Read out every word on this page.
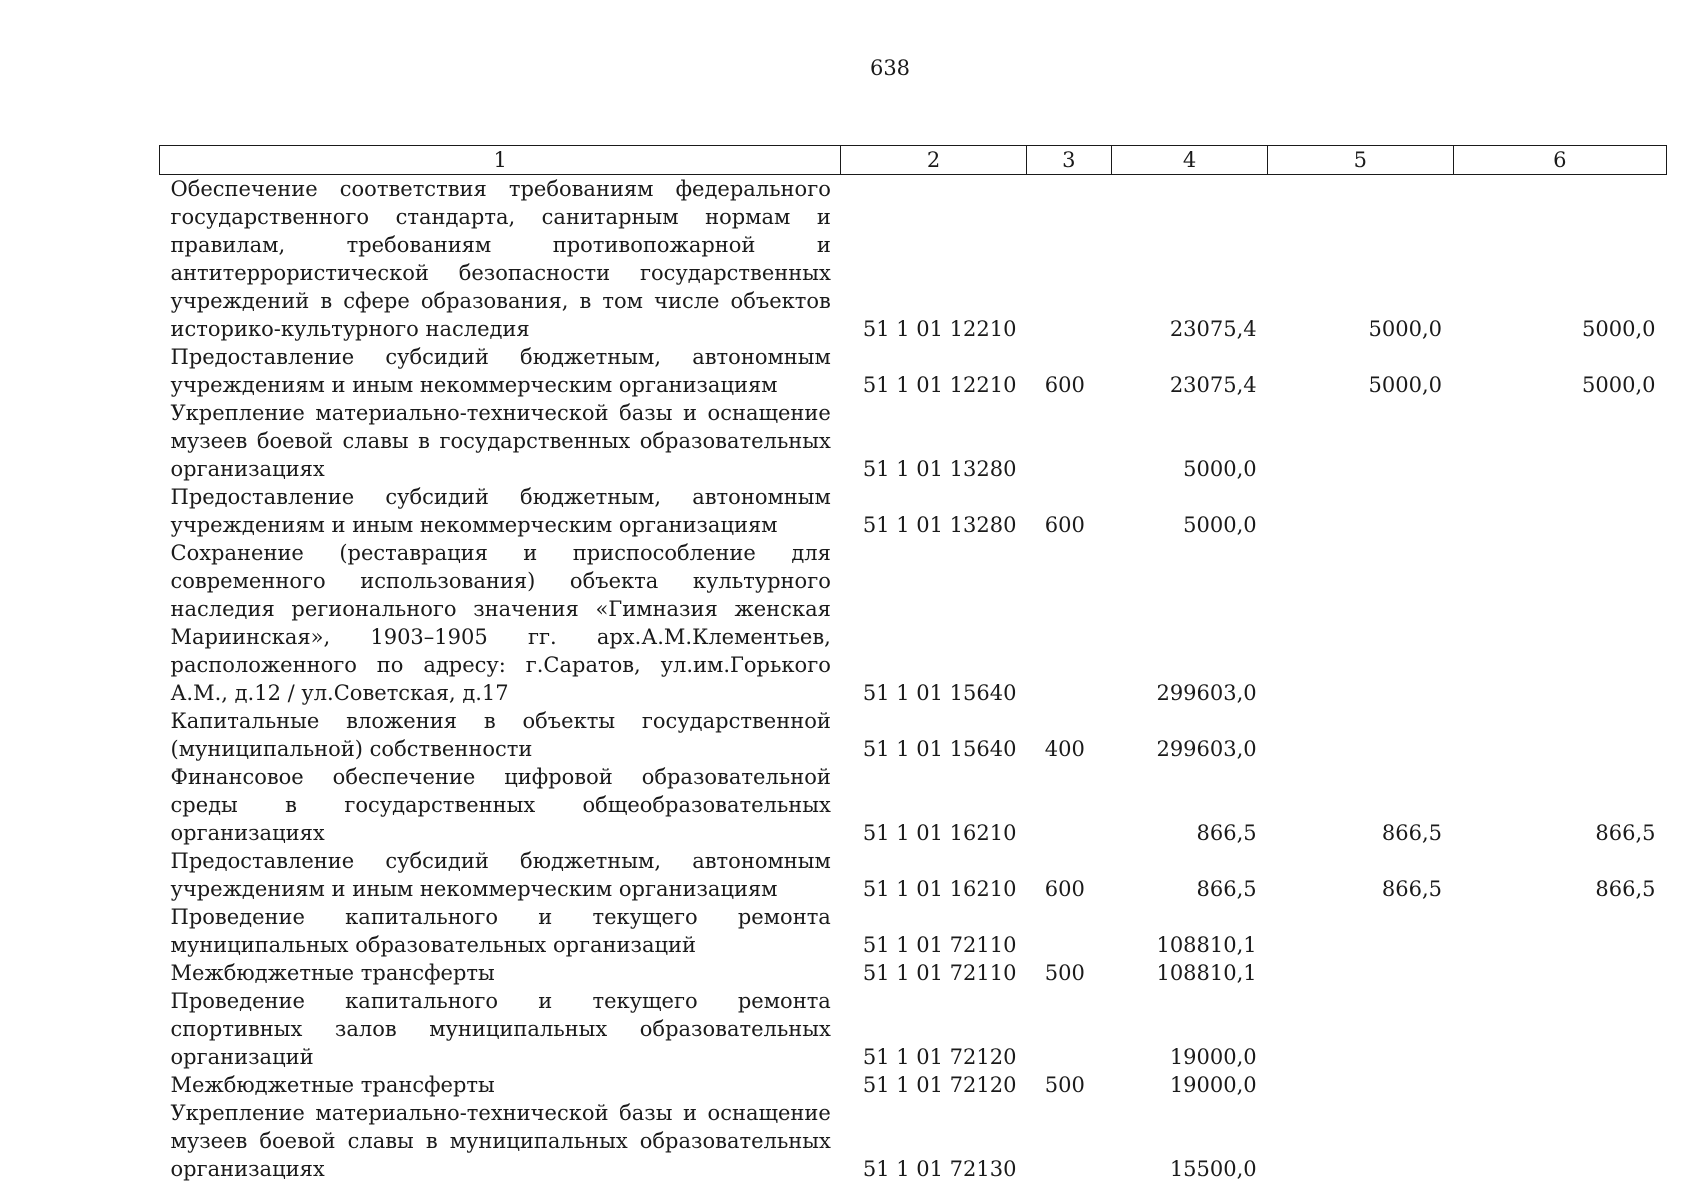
638
1	2	3	4	5	6
Обеспечение соответствия требованиям федерального государственного стандарта, санитарным нормам и правилам, требованиям противопожарной и антитеррористической безопасности государственных учреждений в сфере образования, в том числе объектов историко-культурного наследия	51 1 01 12210		23075,4	5000,0	5000,0
Предоставление субсидий бюджетным, автономным учреждениям и иным некоммерческим организациям	51 1 01 12210	600	23075,4	5000,0	5000,0
Укрепление материально-технической базы и оснащение музеев боевой славы в государственных образовательных организациях	51 1 01 13280		5000,0		
Предоставление субсидий бюджетным, автономным учреждениям и иным некоммерческим организациям	51 1 01 13280	600	5000,0		
Сохранение (реставрация и приспособление для современного использования) объекта культурного наследия регионального значения «Гимназия женская Мариинская», 1903–1905 гг. арх.А.М.Клементьев, расположенного по адресу: г.Саратов, ул.им.Горького А.М., д.12 / ул.Советская, д.17	51 1 01 15640		299603,0		
Капитальные вложения в объекты государственной (муниципальной) собственности	51 1 01 15640	400	299603,0		
Финансовое обеспечение цифровой образовательной среды в государственных общеобразовательных организациях	51 1 01 16210		866,5	866,5	866,5
Предоставление субсидий бюджетным, автономным учреждениям и иным некоммерческим организациям	51 1 01 16210	600	866,5	866,5	866,5
Проведение капитального и текущего ремонта муниципальных образовательных организаций	51 1 01 72110		108810,1		
Межбюджетные трансферты	51 1 01 72110	500	108810,1		
Проведение капитального и текущего ремонта спортивных залов муниципальных образовательных организаций	51 1 01 72120		19000,0		
Межбюджетные трансферты	51 1 01 72120	500	19000,0		
Укрепление материально-технической базы и оснащение музеев боевой славы в муниципальных образовательных организациях	51 1 01 72130		15500,0		
